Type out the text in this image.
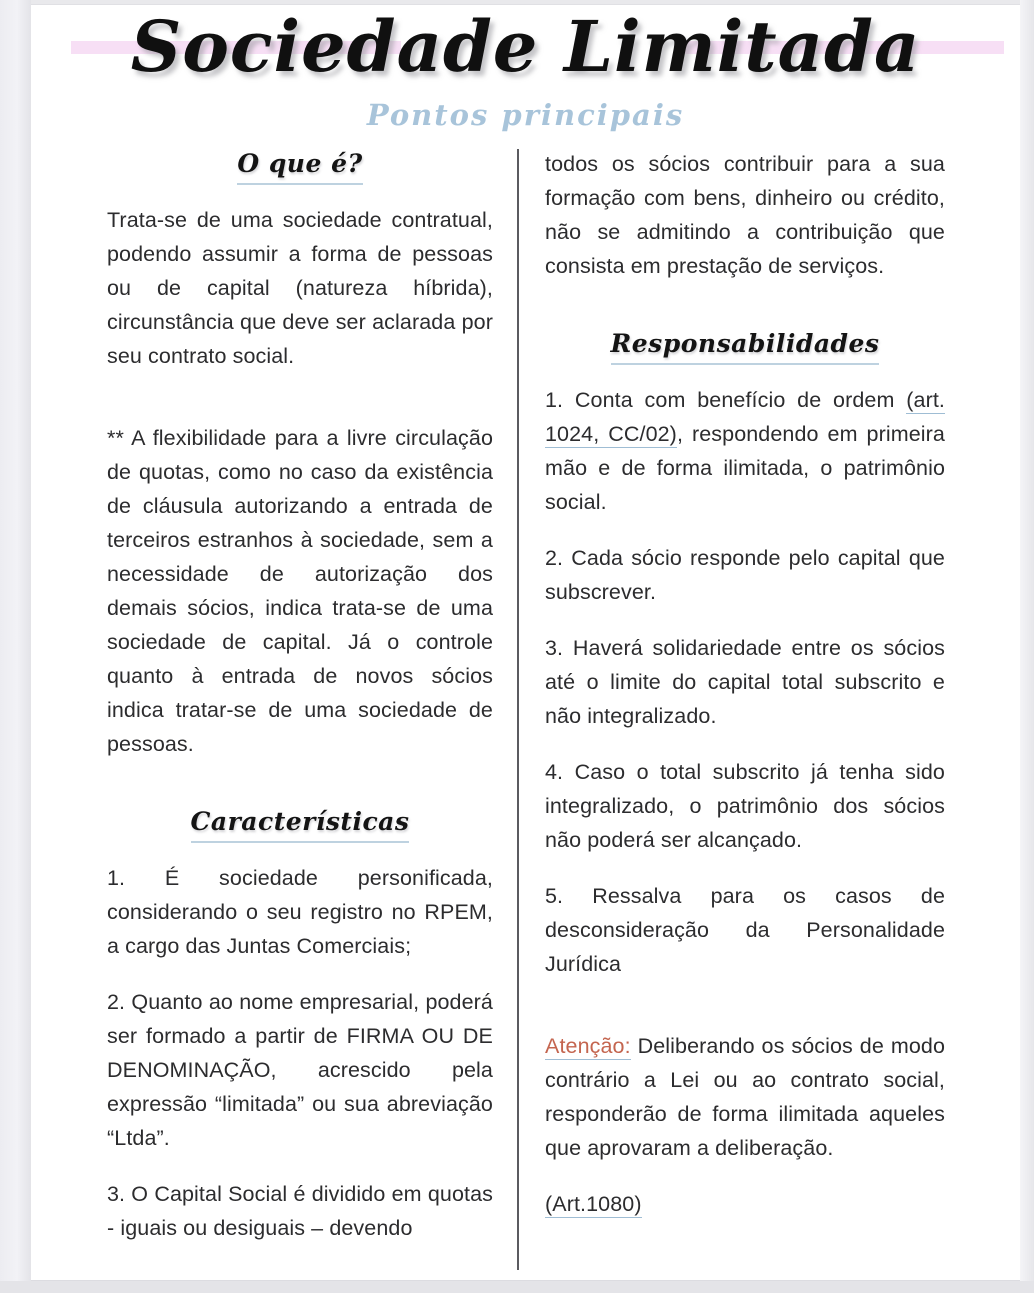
Sociedade Limitada
Pontos principais
O que é?

Trata-se de uma sociedade contratual, podendo assumir a forma de pessoas ou de capital (natureza híbrida), circunstância que deve ser aclarada por seu contrato social.

** A flexibilidade para a livre circulação de quotas, como no caso da existência de cláusula autorizando a entrada de terceiros estranhos à sociedade, sem a necessidade de autorização dos demais sócios, indica trata-se de uma sociedade de capital. Já o controle quanto à entrada de novos sócios indica tratar-se de uma sociedade de pessoas.

Características

1. É sociedade personificada, considerando o seu registro no RPEM, a cargo das Juntas Comerciais;

2. Quanto ao nome empresarial, poderá ser formado a partir de FIRMA OU DE DENOMINAÇÃO, acrescido pela expressão “limitada” ou sua abreviação “Ltda”.

3. O Capital Social é dividido em quotas - iguais ou desiguais – devendo

todos os sócios contribuir para a sua formação com bens, dinheiro ou crédito, não se admitindo a contribuição que consista em prestação de serviços.

Responsabilidades

1. Conta com benefício de ordem (art. 1024, CC/02), respondendo em primeira mão e de forma ilimitada, o patrimônio social.

2. Cada sócio responde pelo capital que subscrever.

3. Haverá solidariedade entre os sócios até o limite do capital total subscrito e não integralizado.

4. Caso o total subscrito já tenha sido integralizado, o patrimônio dos sócios não poderá ser alcançado.

5. Ressalva para os casos de desconsideração da Personalidade Jurídica

Atenção: Deliberando os sócios de modo contrário a Lei ou ao contrato social, responderão de forma ilimitada aqueles que aprovaram a deliberação.

(Art.1080)
